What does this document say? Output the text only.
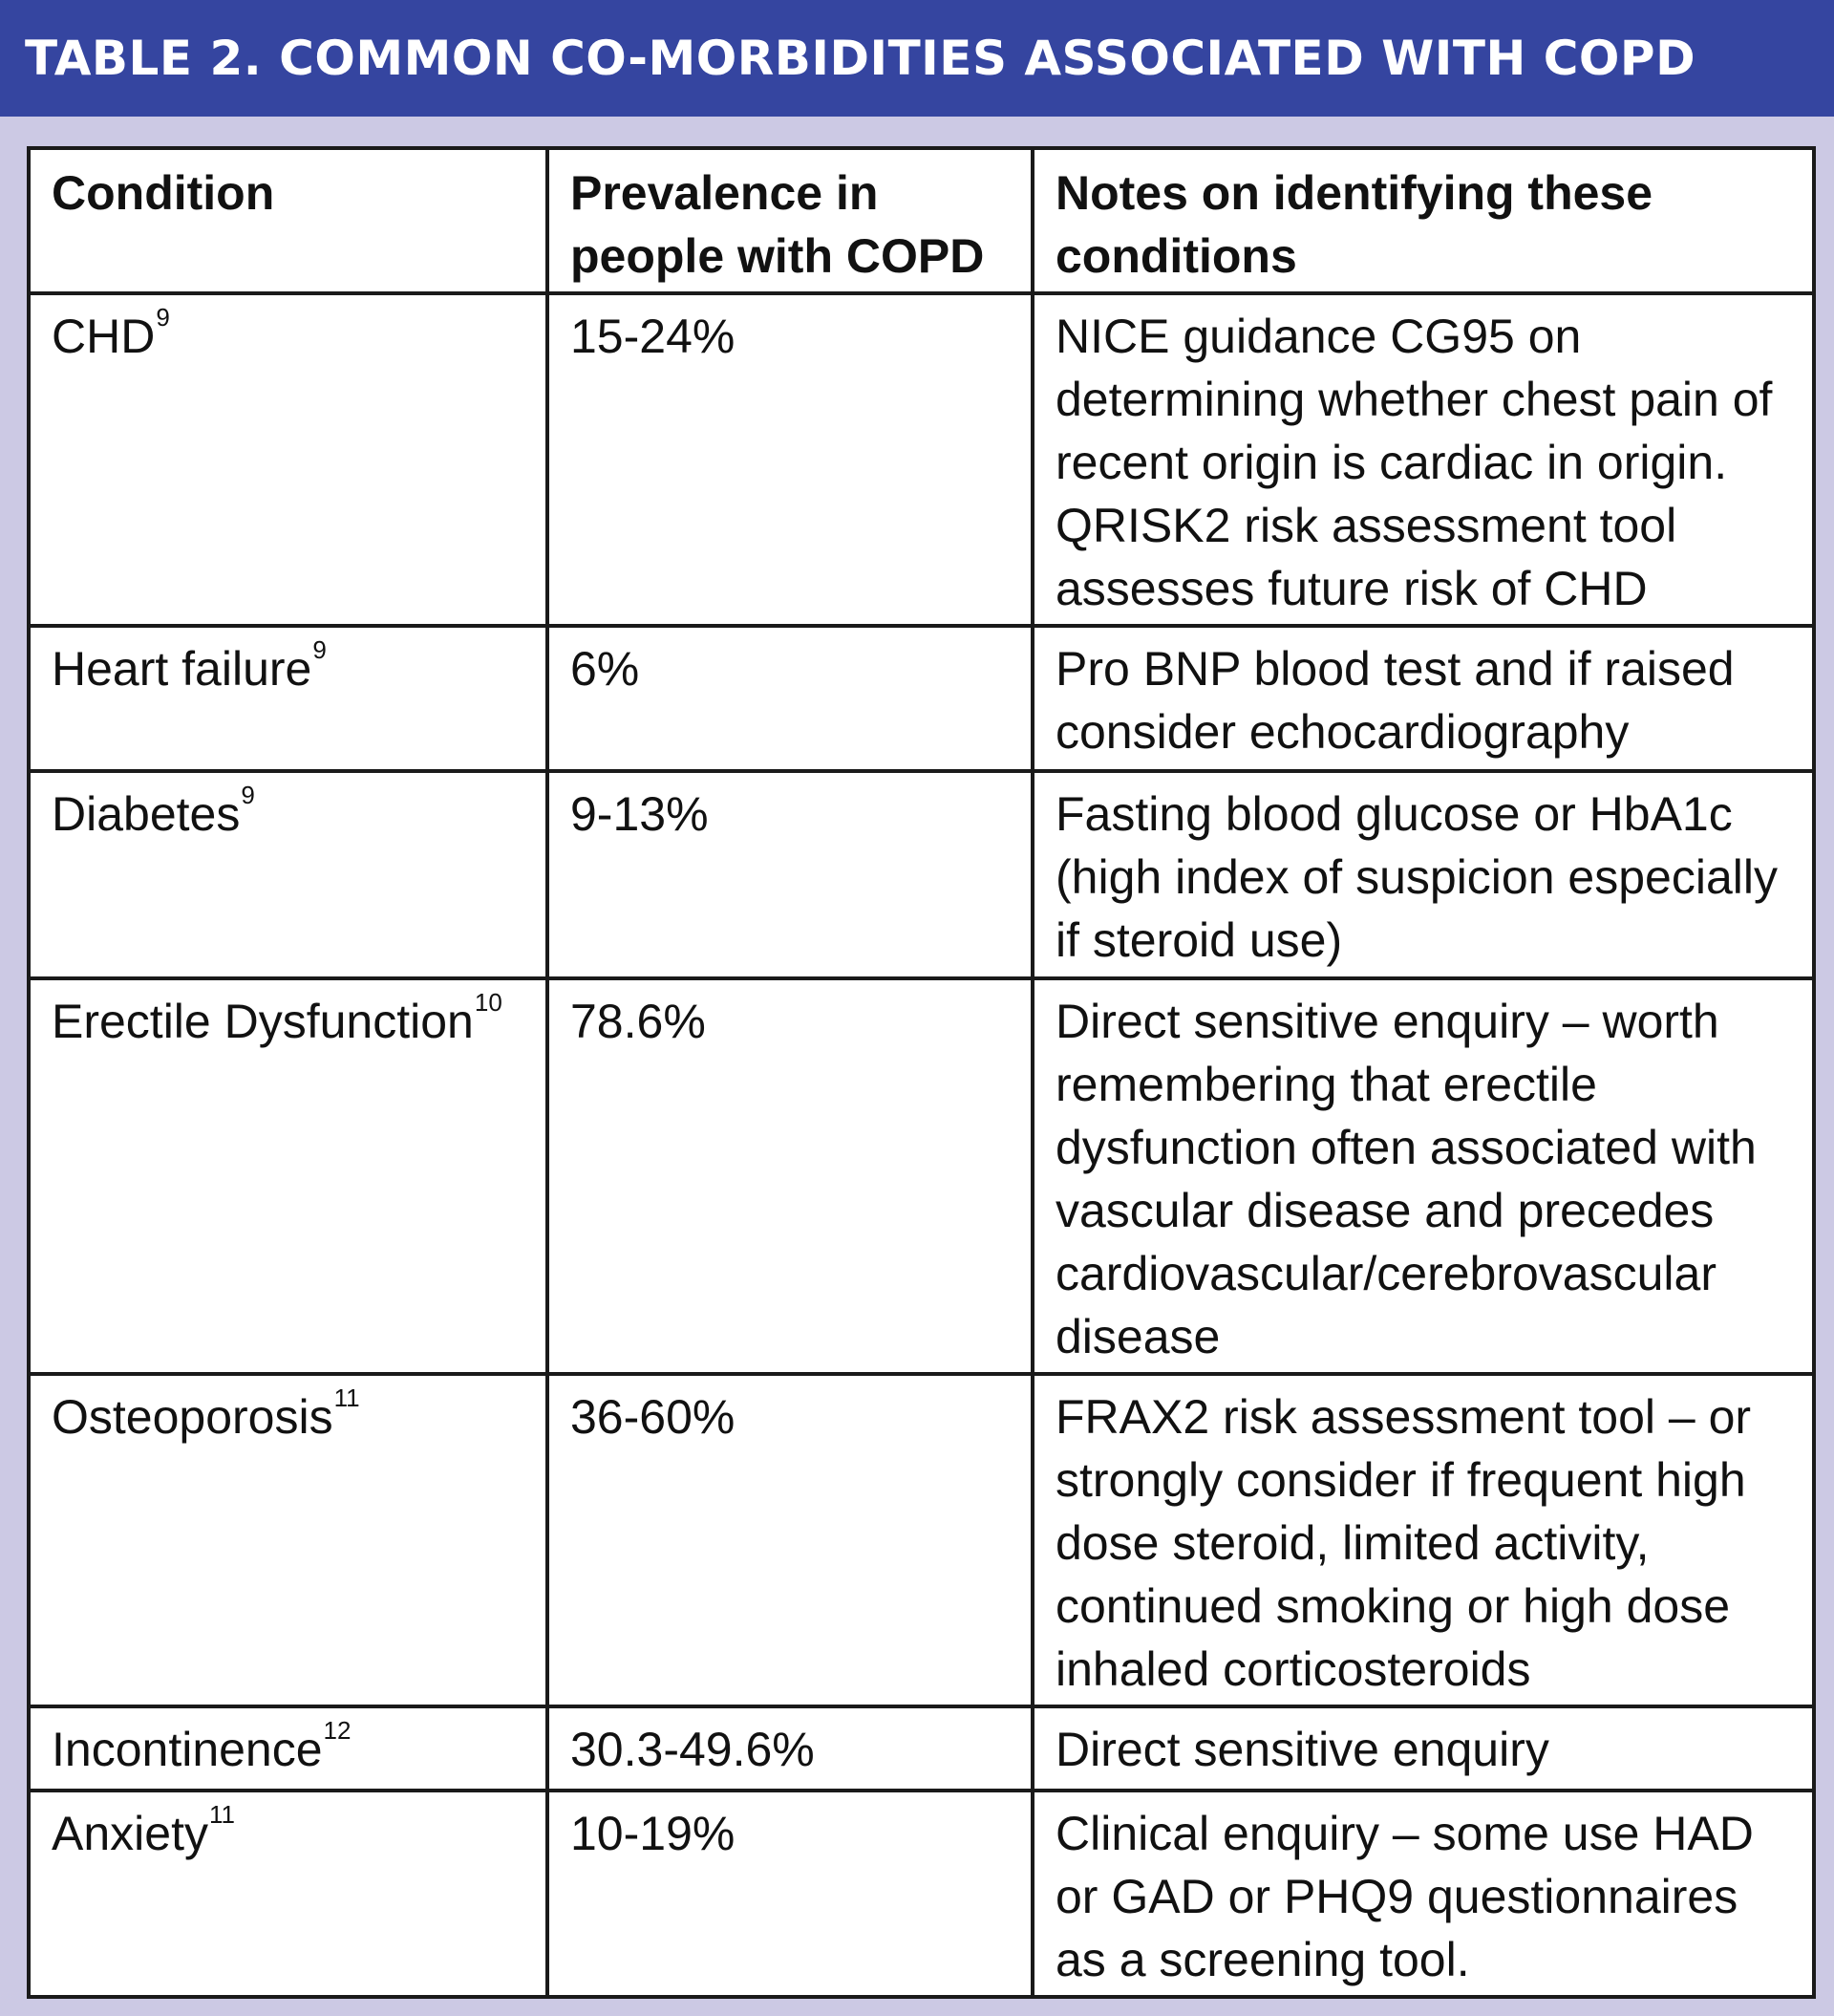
TABLE 2. COMMON CO-MORBIDITIES ASSOCIATED WITH COPD
Condition	Prevalence in people with COPD	Notes on identifying these conditions
CHD$^9$	15-24%	NICE guidance CG95 on determining whether chest pain of recent origin is cardiac in origin. QRISK2 risk assessment tool assesses future risk of CHD
Heart failure$^9$	6%	Pro BNP blood test and if raised consider echocardiography
Diabetes$^9$	9-13%	Fasting blood glucose or HbA1c (high index of suspicion especially if steroid use)
Erectile Dysfunction$^{10}$	78.6%	Direct sensitive enquiry – worth remembering that erectile dysfunction often associated with vascular disease and precedes cardiovascular/cerebrovascular disease
Osteoporosis$^{11}$	36-60%	FRAX2 risk assessment tool – or strongly consider if frequent high dose steroid, limited activity, continued smoking or high dose inhaled corticosteroids
Incontinence$^{12}$	30.3-49.6%	Direct sensitive enquiry
Anxiety$^{11}$	10-19%	Clinical enquiry – some use HAD or GAD or PHQ9 questionnaires as a screening tool.
